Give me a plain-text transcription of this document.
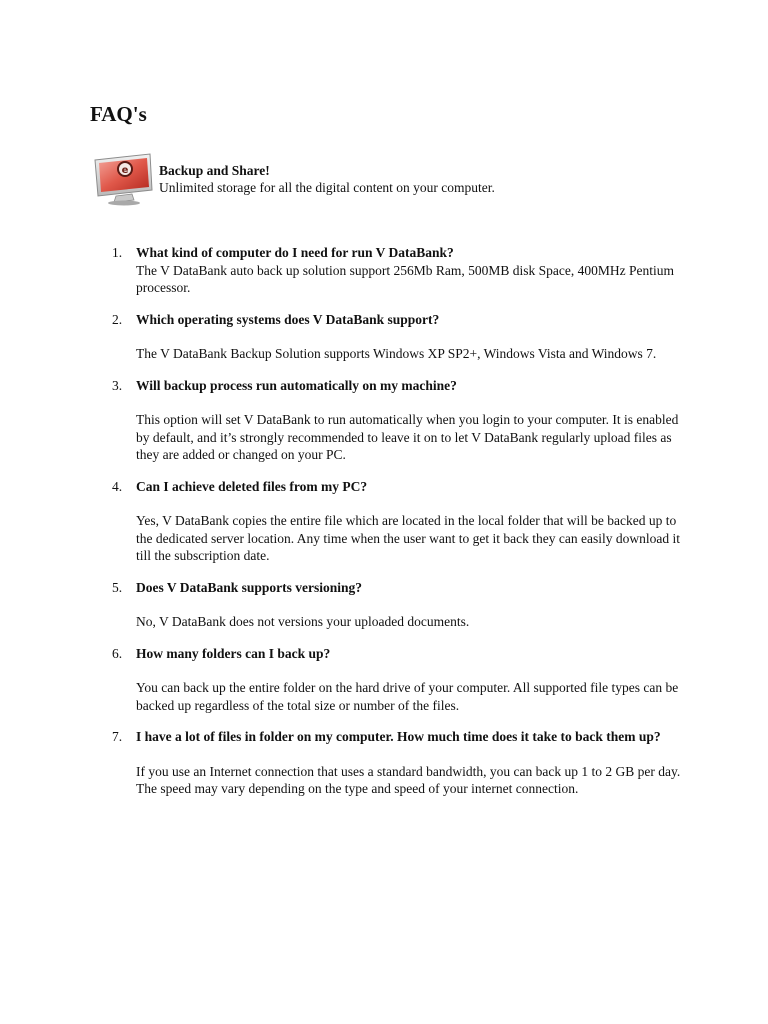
FAQ's
e Backup and Share!
Unlimited storage for all the digital content on your computer.
1. What kind of computer do I need for run V DataBank?
The V DataBank auto back up solution support 256Mb Ram, 500MB disk Space, 400MHz Pentium processor.
2. Which operating systems does V DataBank support?
The V DataBank Backup Solution supports Windows XP SP2+, Windows Vista and Windows 7.
3. Will backup process run automatically on my machine?
This option will set V DataBank to run automatically when you login to your computer. It is enabled by default, and it’s strongly recommended to leave it on to let V DataBank regularly upload files as they are added or changed on your PC.
4. Can I achieve deleted files from my PC?
Yes, V DataBank copies the entire file which are located in the local folder that will be backed up to the dedicated server location. Any time when the user want to get it back they can easily download it till the subscription date.
5. Does V DataBank supports versioning?
No, V DataBank does not versions your uploaded documents.
6. How many folders can I back up?
You can back up the entire folder on the hard drive of your computer. All supported file types can be backed up regardless of the total size or number of the files.
7. I have a lot of files in folder on my computer. How much time does it take to back them up?
If you use an Internet connection that uses a standard bandwidth, you can back up 1 to 2 GB per day. The speed may vary depending on the type and speed of your internet connection.
